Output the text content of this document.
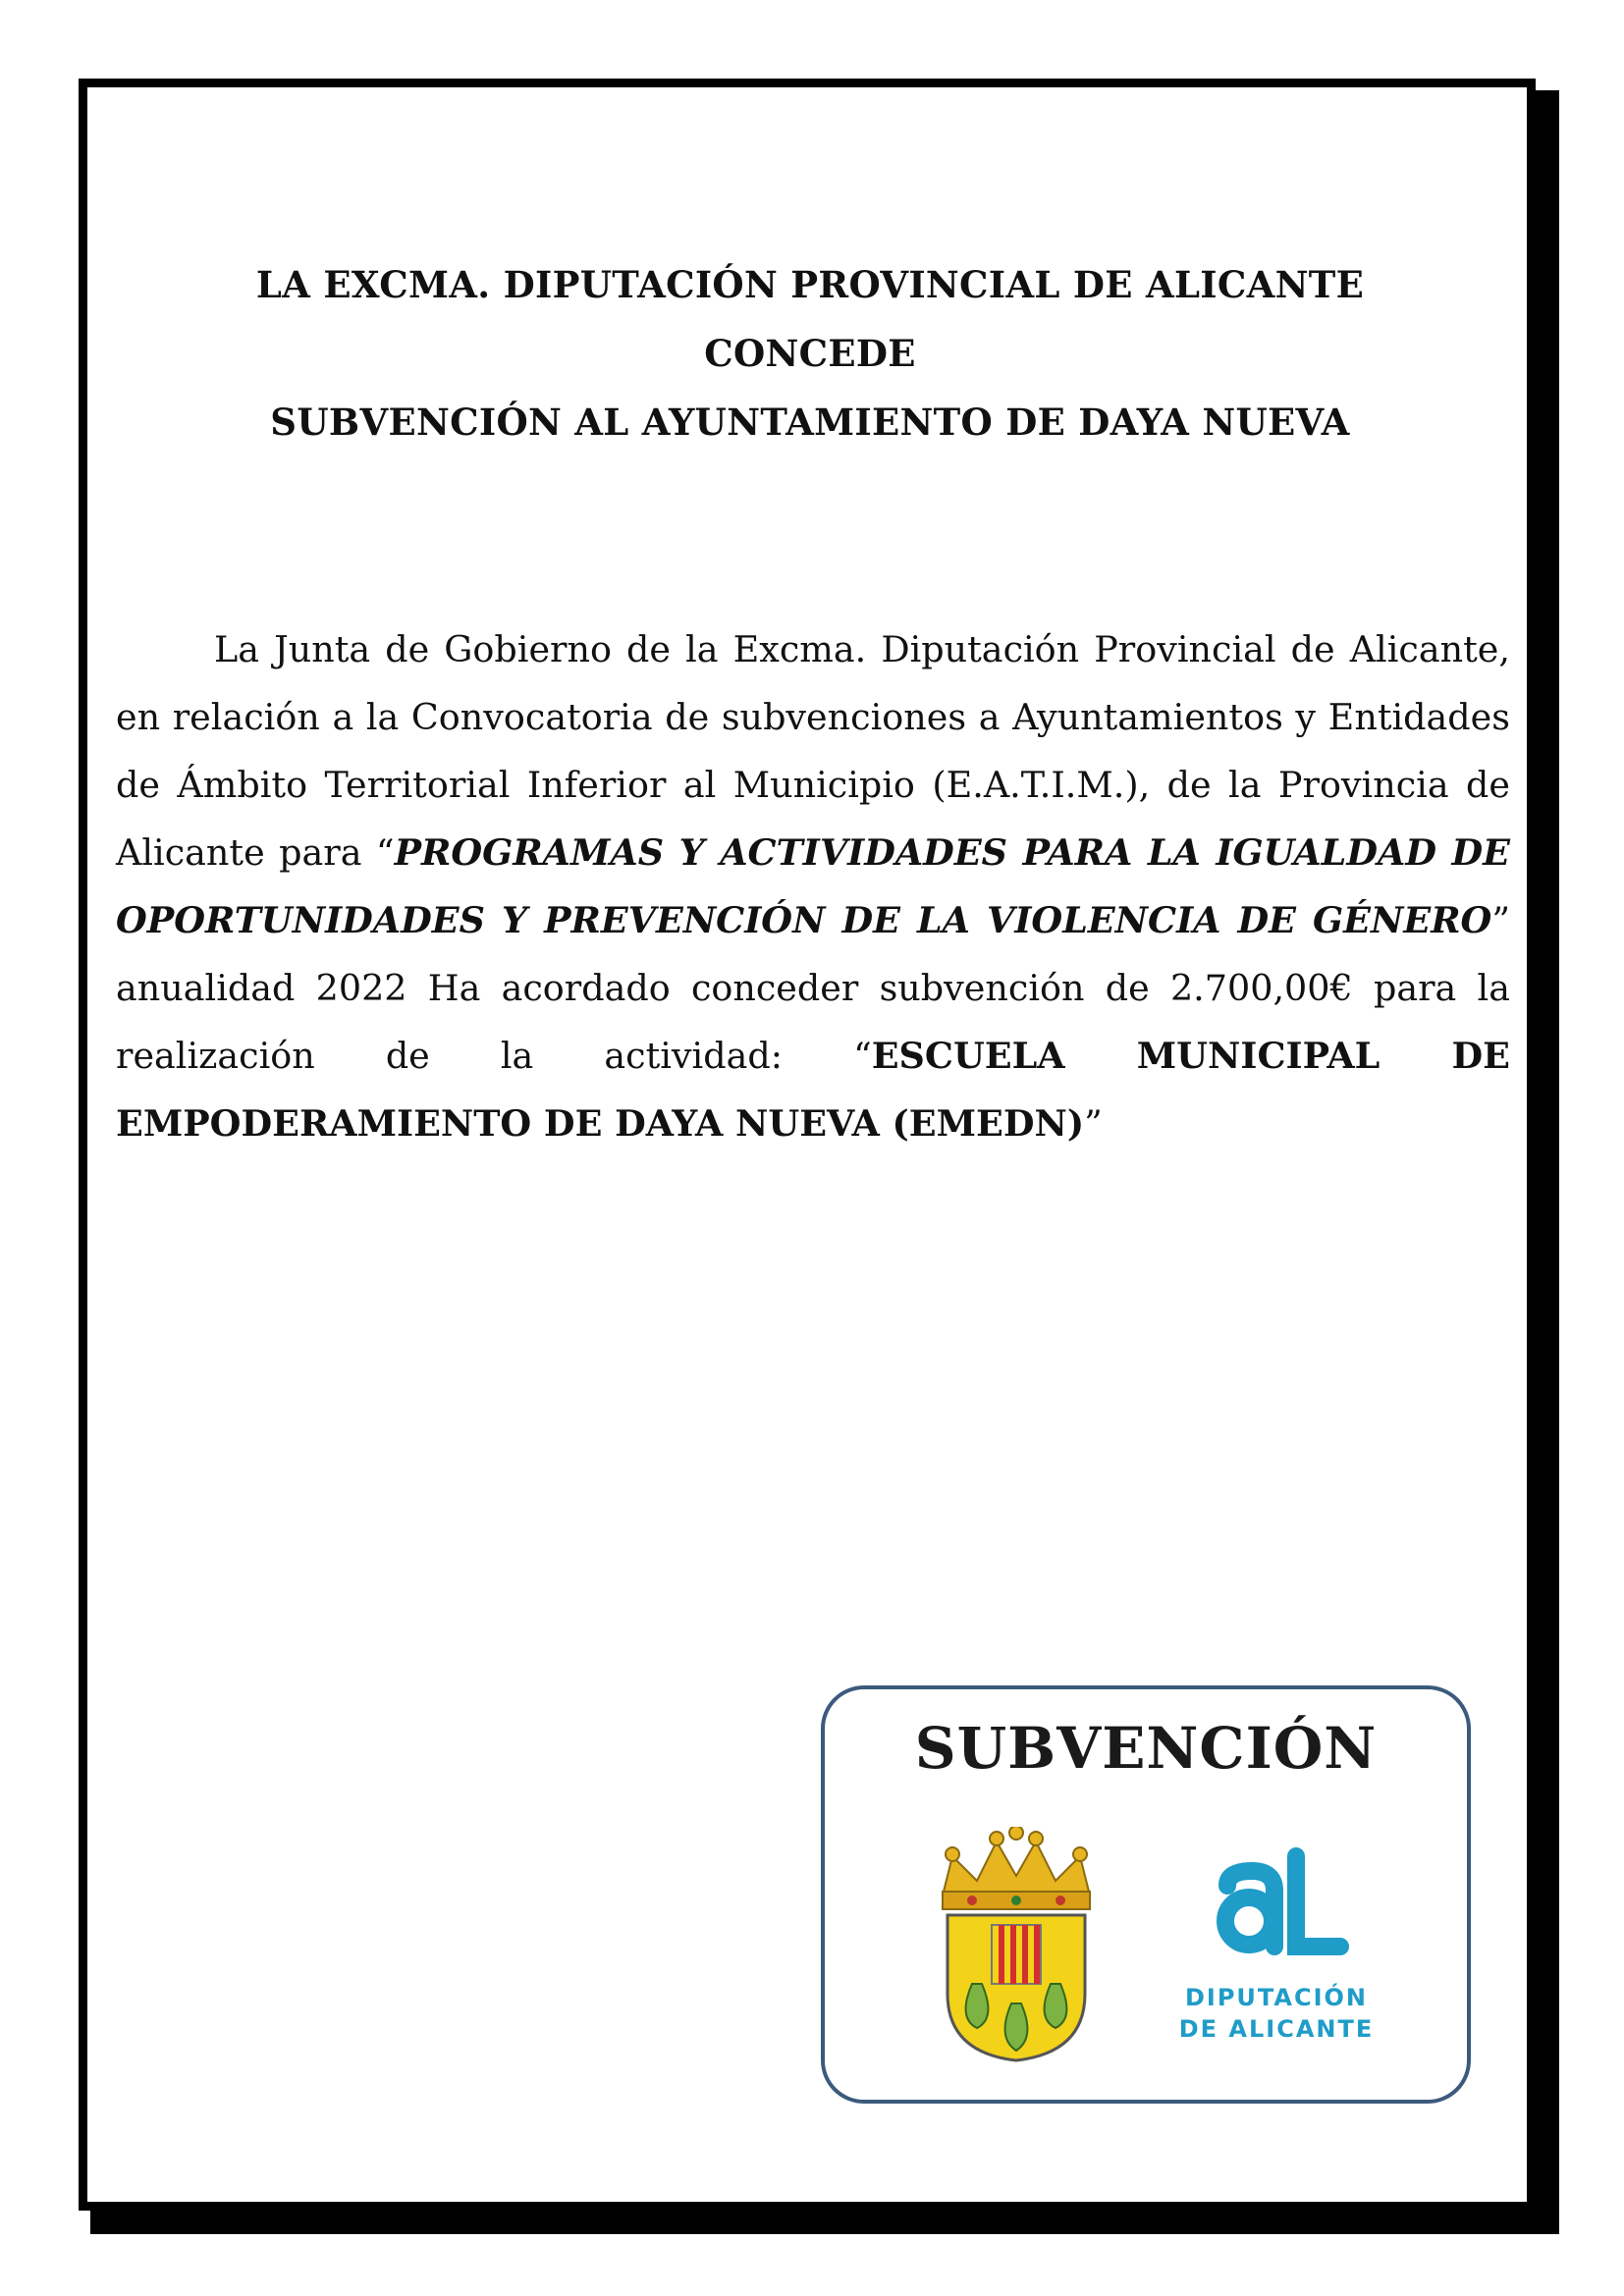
LA EXCMA. DIPUTACIÓN PROVINCIAL DE ALICANTE CONCEDE
SUBVENCIÓN AL AYUNTAMIENTO DE DAYA NUEVA

La Junta de Gobierno de la Excma. Diputación Provincial de Alicante, en relación a la Convocatoria de subvenciones a Ayuntamientos y Entidades de Ámbito Territorial Inferior al Municipio (E.A.T.I.M.), de la Provincia de Alicante para “PROGRAMAS Y ACTIVIDADES PARA LA IGUALDAD DE OPORTUNIDADES Y PREVENCIÓN DE LA VIOLENCIA DE GÉNERO” anualidad 2022 Ha acordado conceder subvención de 2.700,00€ para la realización de la actividad: “ESCUELA MUNICIPAL DE EMPODERAMIENTO DE DAYA NUEVA (EMEDN)”

SUBVENCIÓN
DIPUTACIÓN
DE ALICANTE
